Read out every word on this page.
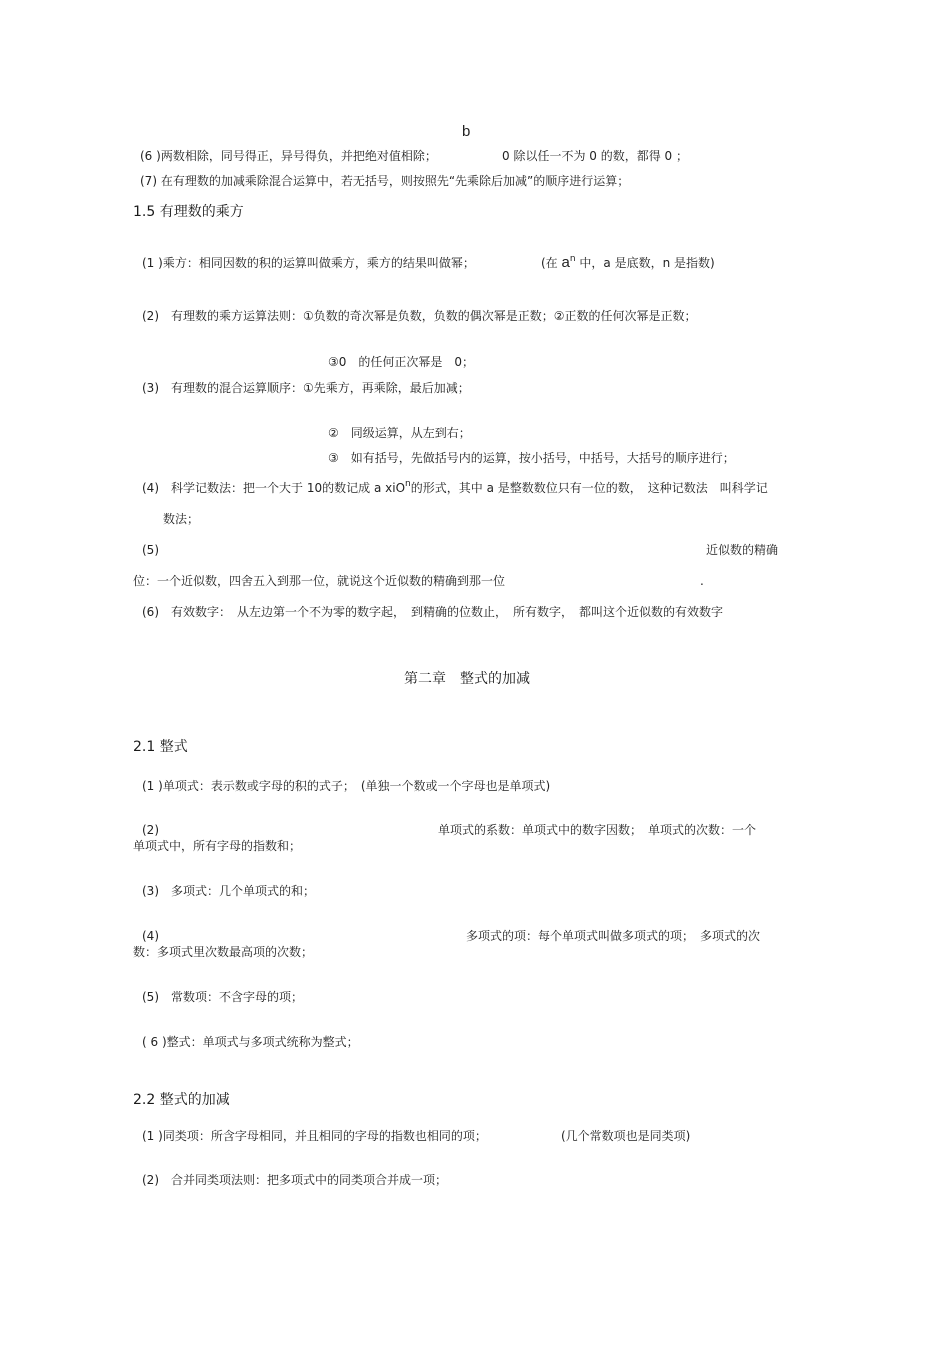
b
(6 )两数相除，同号得正，异号得负，并把绝对值相除；	0 除以任一不为 0 的数，都得 0 ；
(7) 在有理数的加减乘除混合运算中，若无括号，则按照先“先乘除后加减”的顺序进行运算；
1.5 有理数的乘方
(1 )乘方：相同因数的积的运算叫做乘方，乘方的结果叫做幂；	(在 $a^n$ 中，a 是底数，n 是指数)
(2)　有理数的乘方运算法则：①负数的奇次幂是负数，负数的偶次幂是正数；②正数的任何次幂是正数；
③0　的任何正次幂是　0；
(3)　有理数的混合运算顺序：①先乘方，再乘除，最后加减；
②　同级运算，从左到右；
③　如有括号，先做括号内的运算，按小括号，中括号，大括号的顺序进行；
(4)　科学记数法：把一个大于 10的数记成 a xiO$^n$的形式，其中 a 是整数数位只有一位的数，　这种记数法　叫科学记
数法；
(5)	近似数的精确
位：一个近似数，四舍五入到那一位，就说这个近似数的精确到那一位	.
(6)　有效数字：　从左边第一个不为零的数字起，　到精确的位数止，　所有数字，　都叫这个近似数的有效数字
第二章　整式的加减
2.1 整式
(1 )单项式：表示数或字母的积的式子；　(单独一个数或一个字母也是单项式)
(2)	单项式的系数：单项式中的数字因数；　单项式的次数：一个
单项式中，所有字母的指数和；
(3)　多项式：几个单项式的和；
(4)	多项式的项：每个单项式叫做多项式的项；　多项式的次
数：多项式里次数最高项的次数；
(5)　常数项：不含字母的项；
( 6 )整式：单项式与多项式统称为整式；
2.2 整式的加减
(1 )同类项：所含字母相同，并且相同的字母的指数也相同的项；	(几个常数项也是同类项)
(2)　合并同类项法则：把多项式中的同类项合并成一项；
